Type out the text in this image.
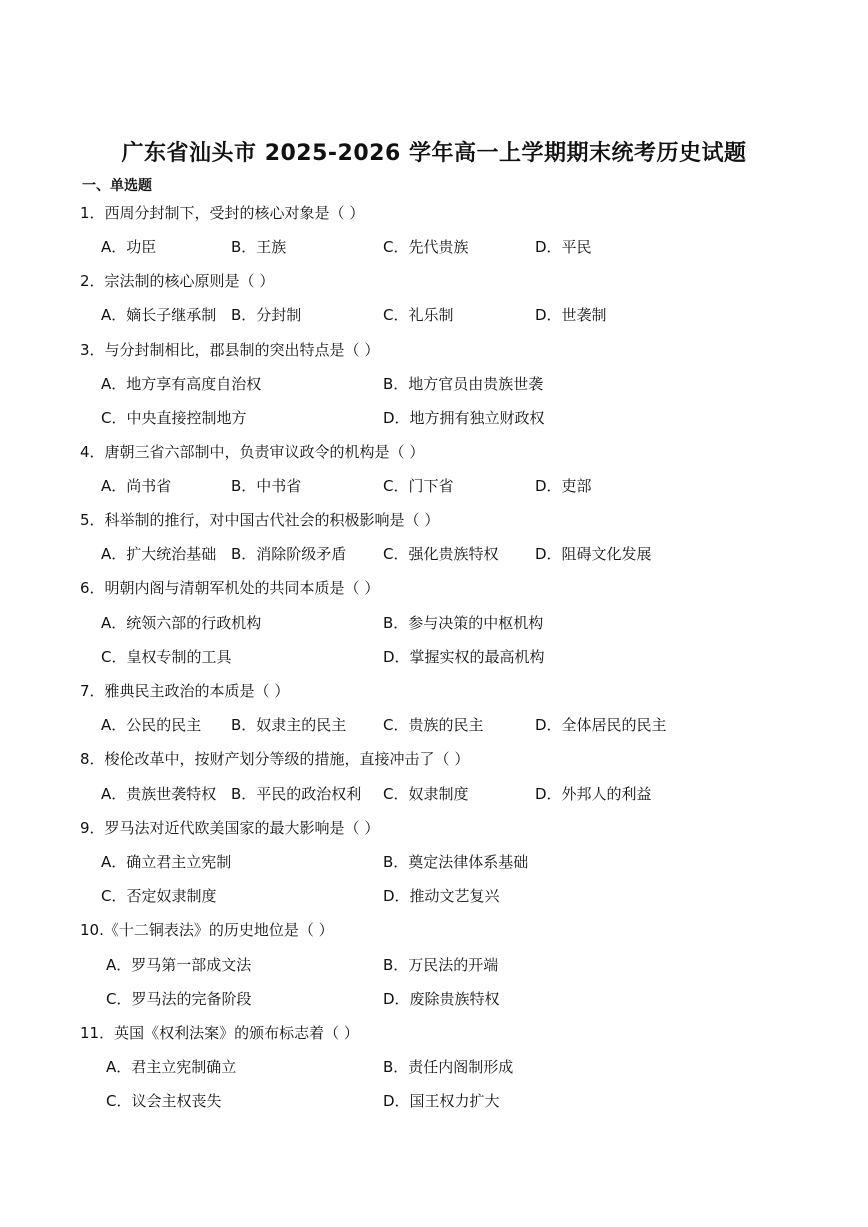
广东省汕头市 2025-2026 学年高一上学期期末统考历史试题
一、单选题
1．西周分封制下，受封的核心对象是（ ）
A．功臣	B．王族	C．先代贵族	D．平民
2．宗法制的核心原则是（ ）
A．嫡长子继承制 B．分封制	C．礼乐制	D．世袭制
3．与分封制相比，郡县制的突出特点是（ ）
A．地方享有高度自治权	B．地方官员由贵族世袭
C．中央直接控制地方	D．地方拥有独立财政权
4．唐朝三省六部制中，负责审议政令的机构是（ ）
A．尚书省	B．中书省	C．门下省	D．吏部
5．科举制的推行，对中国古代社会的积极影响是（ ）
A．扩大统治基础 B．消除阶级矛盾 C．强化贵族特权 D．阻碍文化发展
6．明朝内阁与清朝军机处的共同本质是（ ）
A．统领六部的行政机构	B．参与决策的中枢机构
C．皇权专制的工具	D．掌握实权的最高机构
7．雅典民主政治的本质是（ ）
A．公民的民主 B．奴隶主的民主 C．贵族的民主	D．全体居民的民主
8．梭伦改革中，按财产划分等级的措施，直接冲击了（ ）
A．贵族世袭特权 B．平民的政治权利 C．奴隶制度	D．外邦人的利益
9．罗马法对近代欧美国家的最大影响是（ ）
A．确立君主立宪制	B．奠定法律体系基础
C．否定奴隶制度	D．推动文艺复兴
10.《十二铜表法》的历史地位是（ ）
A．罗马第一部成文法	B．万民法的开端
C．罗马法的完备阶段	D．废除贵族特权
11．英国《权利法案》的颁布标志着（ ）
A．君主立宪制确立	B．责任内阁制形成
C．议会主权丧失	D．国王权力扩大
